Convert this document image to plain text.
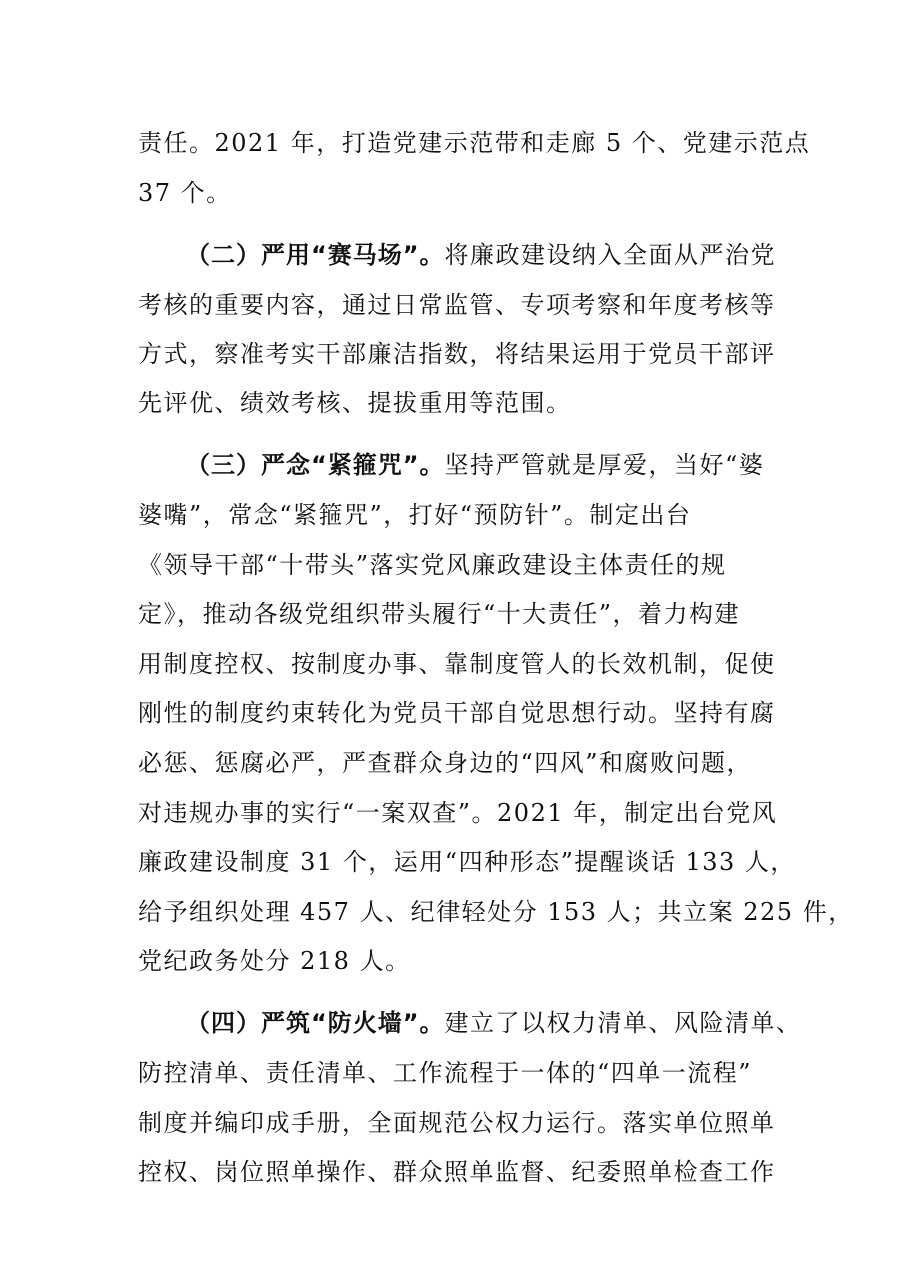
责任。2021 年，打造党建示范带和走廊 5 个、党建示范点
37 个。
（二）严用“赛马场”。将廉政建设纳入全面从严治党
考核的重要内容，通过日常监管、专项考察和年度考核等
方式，察准考实干部廉洁指数，将结果运用于党员干部评
先评优、绩效考核、提拔重用等范围。
（三）严念“紧箍咒”。坚持严管就是厚爱，当好“婆
婆嘴”，常念“紧箍咒”，打好“预防针”。制定出台
《领导干部“十带头”落实党风廉政建设主体责任的规
定》，推动各级党组织带头履行“十大责任”，着力构建
用制度控权、按制度办事、靠制度管人的长效机制，促使
刚性的制度约束转化为党员干部自觉思想行动。坚持有腐
必惩、惩腐必严，严查群众身边的“四风”和腐败问题，
对违规办事的实行“一案双查”。2021 年，制定出台党风
廉政建设制度 31 个，运用“四种形态”提醒谈话 133 人，
给予组织处理 457 人、纪律轻处分 153 人；共立案 225 件，
党纪政务处分 218 人。
（四）严筑“防火墙”。建立了以权力清单、风险清单、
防控清单、责任清单、工作流程于一体的“四单一流程”
制度并编印成手册，全面规范公权力运行。落实单位照单
控权、岗位照单操作、群众照单监督、纪委照单检查工作
